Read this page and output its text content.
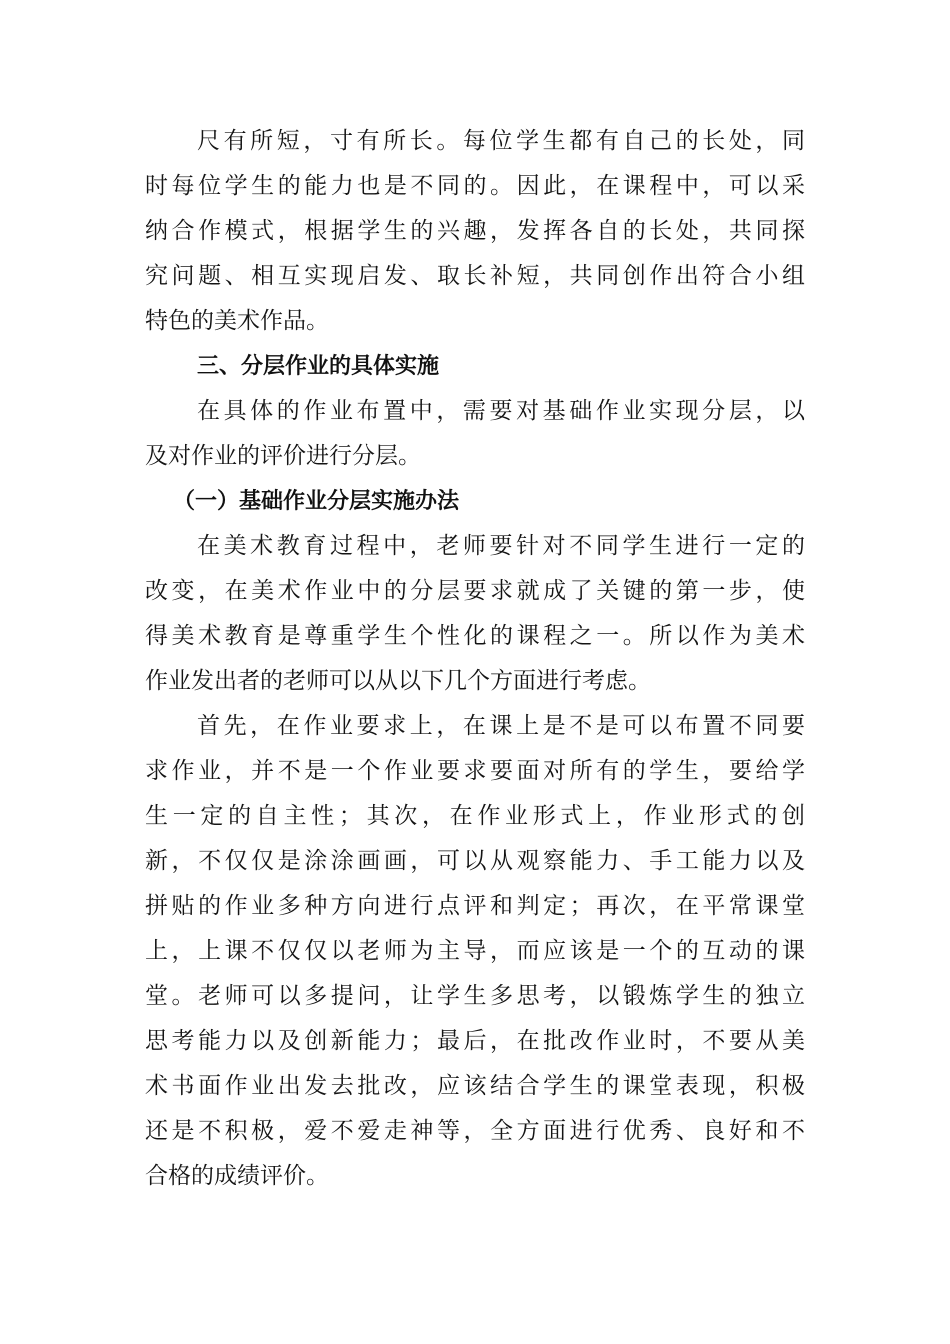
尺有所短，寸有所长。每位学生都有自己的长处，同
时每位学生的能力也是不同的。因此，在课程中，可以采
纳合作模式，根据学生的兴趣，发挥各自的长处，共同探
究问题、相互实现启发、取长补短，共同创作出符合小组
特色的美术作品。
三、分层作业的具体实施
在具体的作业布置中，需要对基础作业实现分层，以
及对作业的评价进行分层。
（一）基础作业分层实施办法
在美术教育过程中，老师要针对不同学生进行一定的
改变，在美术作业中的分层要求就成了关键的第一步，使
得美术教育是尊重学生个性化的课程之一。所以作为美术
作业发出者的老师可以从以下几个方面进行考虑。
首先，在作业要求上，在课上是不是可以布置不同要
求作业，并不是一个作业要求要面对所有的学生，要给学
生一定的自主性；其次，在作业形式上，作业形式的创
新，不仅仅是涂涂画画，可以从观察能力、手工能力以及
拼贴的作业多种方向进行点评和判定；再次，在平常课堂
上，上课不仅仅以老师为主导，而应该是一个的互动的课
堂。老师可以多提问，让学生多思考，以锻炼学生的独立
思考能力以及创新能力；最后，在批改作业时，不要从美
术书面作业出发去批改，应该结合学生的课堂表现，积极
还是不积极，爱不爱走神等，全方面进行优秀、良好和不
合格的成绩评价。
